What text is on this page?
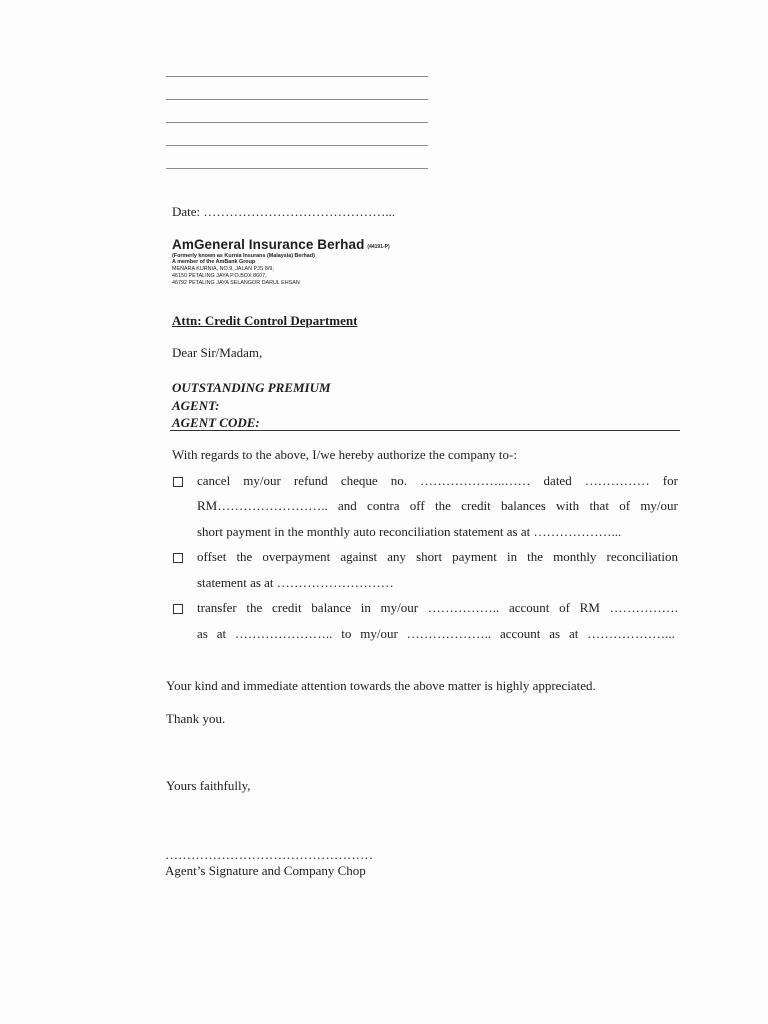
Date: ……………………………………...
AmGeneral Insurance Berhad (44191-P)
(Formerly known as Kurnia Insurans (Malaysia) Berhad)
A member of the AmBank Group
MENARA KURNIA, NO.9, JALAN PJS 8/9,
46150 PETALING JAYA P.O.BOX 8607,
46792 PETALING JAYA SELANGOR DARUL EHSAN
Attn: Credit Control Department
Dear Sir/Madam,
OUTSTANDING PREMIUM
AGENT:
AGENT CODE:
With regards to the above, I/we hereby authorize the company to-:
cancel my/our refund cheque no. ………………..…… dated …………… for
RM…………………….. and contra off the credit balances with that of my/our
short payment in the monthly auto reconciliation statement as at ………………...
offset the overpayment against any short payment in the monthly reconciliation
statement as at ………………………
transfer the credit balance in my/our …………….. account of RM …………….
as at ………………….. to my/our ……………….. account as at ………………...
Your kind and immediate attention towards the above matter is highly appreciated.
Thank you.
Yours faithfully,
…………………………………………
Agent’s Signature and Company Chop
